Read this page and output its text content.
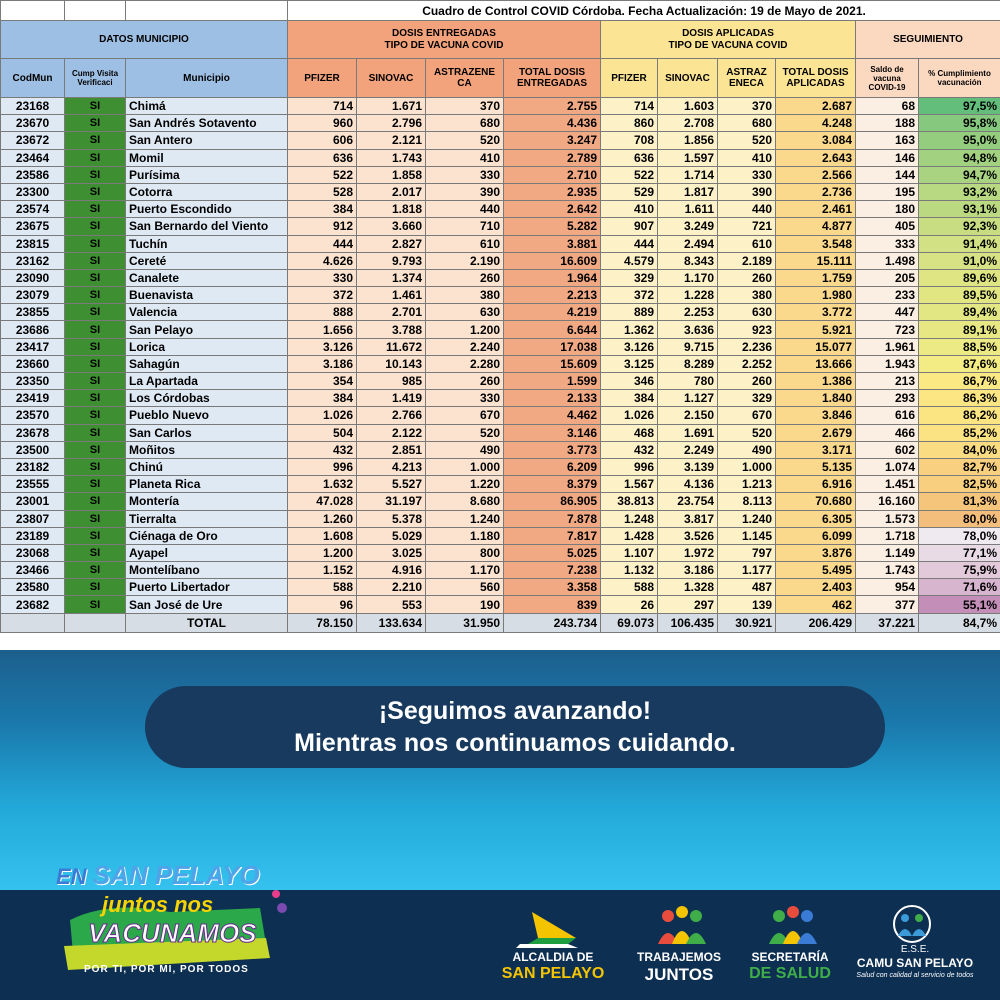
			Cuadro de Control COVID Córdoba. Fecha Actualización: 19 de Mayo de 2021.									
DATOS MUNICIPIO			DOSIS ENTREGADAS
TIPO DE VACUNA COVID				DOSIS APLICADAS
TIPO DE VACUNA COVID				SEGUIMIENTO	
CodMun	Cump Visita Verificaci	Municipio	PFIZER	SINOVAC	ASTRAZENE CA	TOTAL DOSIS ENTREGADAS	PFIZER	SINOVAC	ASTRAZ ENECA	TOTAL DOSIS APLICADAS	Saldo de vacuna COVID-19	% Cumplimiento vacunación
23168	SI	Chimá	714	1.671	370	2.755	714	1.603	370	2.687	68	97,5%
23670	SI	San Andrés Sotavento	960	2.796	680	4.436	860	2.708	680	4.248	188	95,8%
23672	SI	San Antero	606	2.121	520	3.247	708	1.856	520	3.084	163	95,0%
23464	SI	Momil	636	1.743	410	2.789	636	1.597	410	2.643	146	94,8%
23586	SI	Purísima	522	1.858	330	2.710	522	1.714	330	2.566	144	94,7%
23300	SI	Cotorra	528	2.017	390	2.935	529	1.817	390	2.736	195	93,2%
23574	SI	Puerto Escondido	384	1.818	440	2.642	410	1.611	440	2.461	180	93,1%
23675	SI	San Bernardo del Viento	912	3.660	710	5.282	907	3.249	721	4.877	405	92,3%
23815	SI	Tuchín	444	2.827	610	3.881	444	2.494	610	3.548	333	91,4%
23162	SI	Cereté	4.626	9.793	2.190	16.609	4.579	8.343	2.189	15.111	1.498	91,0%
23090	SI	Canalete	330	1.374	260	1.964	329	1.170	260	1.759	205	89,6%
23079	SI	Buenavista	372	1.461	380	2.213	372	1.228	380	1.980	233	89,5%
23855	SI	Valencia	888	2.701	630	4.219	889	2.253	630	3.772	447	89,4%
23686	SI	San Pelayo	1.656	3.788	1.200	6.644	1.362	3.636	923	5.921	723	89,1%
23417	SI	Lorica	3.126	11.672	2.240	17.038	3.126	9.715	2.236	15.077	1.961	88,5%
23660	SI	Sahagún	3.186	10.143	2.280	15.609	3.125	8.289	2.252	13.666	1.943	87,6%
23350	SI	La Apartada	354	985	260	1.599	346	780	260	1.386	213	86,7%
23419	SI	Los Córdobas	384	1.419	330	2.133	384	1.127	329	1.840	293	86,3%
23570	SI	Pueblo Nuevo	1.026	2.766	670	4.462	1.026	2.150	670	3.846	616	86,2%
23678	SI	San Carlos	504	2.122	520	3.146	468	1.691	520	2.679	466	85,2%
23500	SI	Moñitos	432	2.851	490	3.773	432	2.249	490	3.171	602	84,0%
23182	SI	Chinú	996	4.213	1.000	6.209	996	3.139	1.000	5.135	1.074	82,7%
23555	SI	Planeta Rica	1.632	5.527	1.220	8.379	1.567	4.136	1.213	6.916	1.451	82,5%
23001	SI	Montería	47.028	31.197	8.680	86.905	38.813	23.754	8.113	70.680	16.160	81,3%
23807	SI	Tierralta	1.260	5.378	1.240	7.878	1.248	3.817	1.240	6.305	1.573	80,0%
23189	SI	Ciénaga de Oro	1.608	5.029	1.180	7.817	1.428	3.526	1.145	6.099	1.718	78,0%
23068	SI	Ayapel	1.200	3.025	800	5.025	1.107	1.972	797	3.876	1.149	77,1%
23466	SI	Montelíbano	1.152	4.916	1.170	7.238	1.132	3.186	1.177	5.495	1.743	75,9%
23580	SI	Puerto Libertador	588	2.210	560	3.358	588	1.328	487	2.403	954	71,6%
23682	SI	San José de Ure	96	553	190	839	26	297	139	462	377	55,1%
		TOTAL	78.150	133.634	31.950	243.734	69.073	106.435	30.921	206.429	37.221	84,7%
¡Seguimos avanzando!
Mientras nos continuamos cuidando.
EN SAN PELAYO
juntos nos
VACUNAMOS
POR TI, POR MI, POR TODOS
ALCALDIA DE
SAN PELAYO
TRABAJEMOS
JUNTOS
SECRETARÍA
DE SALUD
E.S.E.
CAMU SAN PELAYO
Salud con calidad al servicio de todos
